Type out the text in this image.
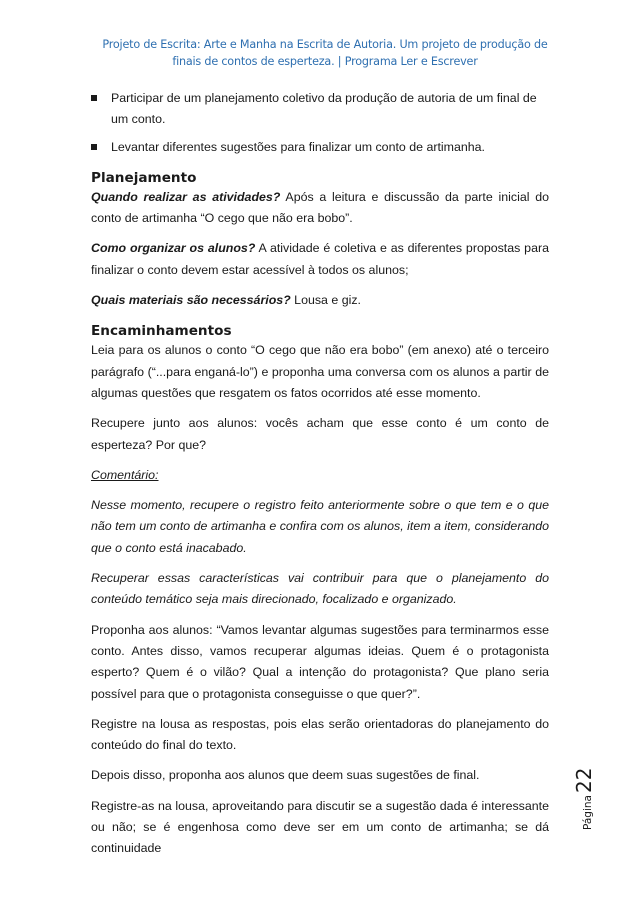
Projeto de Escrita: Arte e Manha na Escrita de Autoria. Um projeto de produção de
finais de contos de esperteza. | Programa Ler e Escrever
Participar de um planejamento coletivo da produção de autoria de um final de um conto.
Levantar diferentes sugestões para finalizar um conto de artimanha.
Planejamento

Quando realizar as atividades? Após a leitura e discussão da parte inicial do conto de artimanha “O cego que não era bobo”.

Como organizar os alunos? A atividade é coletiva e as diferentes propostas para finalizar o conto devem estar acessível à todos os alunos;

Quais materiais são necessários? Lousa e giz.

Encaminhamentos

Leia para os alunos o conto “O cego que não era bobo” (em anexo) até o terceiro parágrafo (“...para enganá-lo”) e proponha uma conversa com os alunos a partir de algumas questões que resgatem os fatos ocorridos até esse momento.

Recupere junto aos alunos: vocês acham que esse conto é um conto de esperteza? Por que?

Comentário:

Nesse momento, recupere o registro feito anteriormente sobre o que tem e o que não tem um conto de artimanha e confira com os alunos, item a item, considerando que o conto está inacabado.

Recuperar essas características vai contribuir para que o planejamento do conteúdo temático seja mais direcionado, focalizado e organizado.

Proponha aos alunos: “Vamos levantar algumas sugestões para terminarmos esse conto. Antes disso, vamos recuperar algumas ideias. Quem é o protagonista esperto? Quem é o vilão? Qual a intenção do protagonista? Que plano seria possível para que o protagonista conseguisse o que quer?”.

Registre na lousa as respostas, pois elas serão orientadoras do planejamento do conteúdo do final do texto.

Depois disso, proponha aos alunos que deem suas sugestões de final.

Registre-as na lousa, aproveitando para discutir se a sugestão dada é interessante ou não; se é engenhosa como deve ser em um conto de artimanha; se dá continuidade

Página22
